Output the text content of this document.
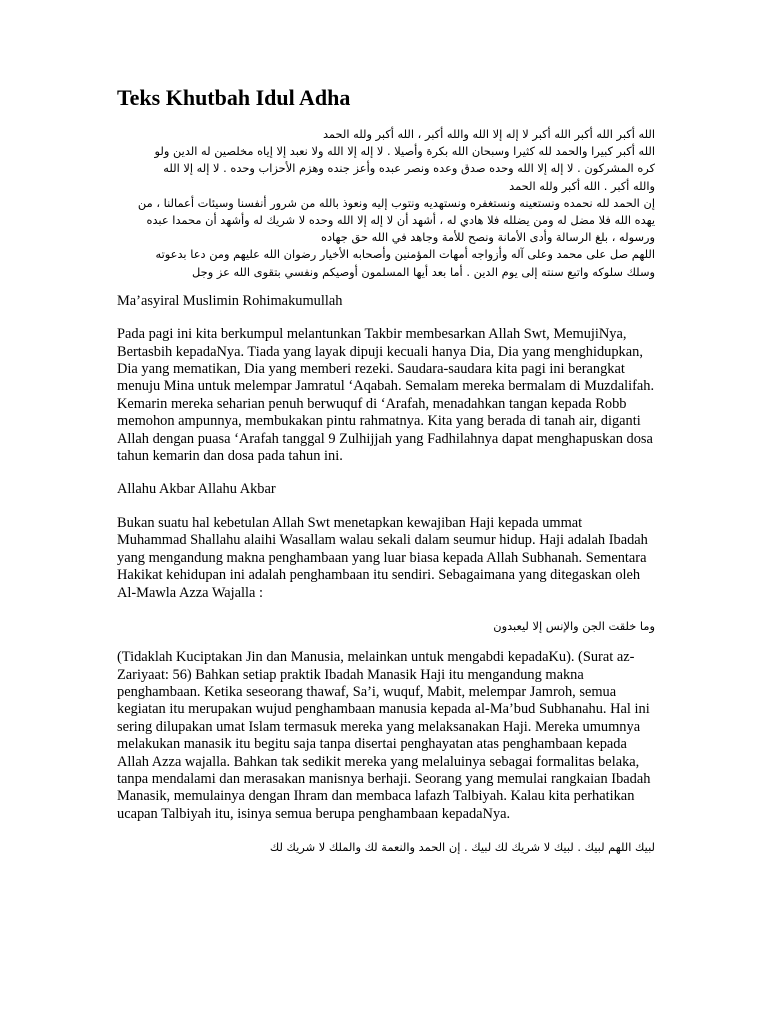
Teks Khutbah Idul Adha
الله أكبر الله أكبر الله أكبر لا إله إلا الله والله أكبر ، الله أكبر ولله الحمد
الله أكبر كبيرا والحمد لله كثيرا وسبحان الله بكرة وأصيلا . لا إله إلا الله ولا نعبد إلا إياه مخلصين له الدين ولو
كره المشركون . لا إله إلا الله وحده صدق وعده ونصر عبده وأعز جنده وهزم الأحزاب وحده . لا إله إلا الله
والله أكبر . الله أكبر ولله الحمد
إن الحمد لله نحمده ونستعينه ونستغفره ونستهديه ونتوب إليه ونعوذ بالله من شرور أنفسنا وسيئات أعمالنا ، من
يهده الله فلا مضل له ومن يضلله فلا هادي له ، أشهد أن لا إله إلا الله وحده لا شريك له وأشهد أن محمدا عبده
ورسوله ، بلغ الرسالة وأدى الأمانة ونصح للأمة وجاهد في الله حق جهاده
اللهم صل على محمد وعلى آله وأزواجه أمهات المؤمنين وأصحابه الأخيار رضوان الله عليهم ومن دعا بدعوته
وسلك سلوكه واتبع سنته إلى يوم الدين . أما بعد أيها المسلمون أوصيكم ونفسي بتقوى الله عز وجل

Ma’asyiral Muslimin Rohimakumullah

Pada pagi ini kita berkumpul melantunkan Takbir membesarkan Allah Swt, MemujiNya, Bertasbih kepadaNya. Tiada yang layak dipuji kecuali hanya Dia, Dia yang menghidupkan, Dia yang mematikan, Dia yang memberi rezeki. Saudara-saudara kita pagi ini berangkat menuju Mina untuk melempar Jamratul ‘Aqabah. Semalam mereka bermalam di Muzdalifah. Kemarin mereka seharian penuh berwuquf di ‘Arafah, menadahkan tangan kepada Robb memohon ampunnya, membukakan pintu rahmatnya. Kita yang berada di tanah air, diganti Allah dengan puasa ‘Arafah tanggal 9 Zulhijjah yang Fadhilahnya dapat menghapuskan dosa tahun kemarin dan dosa pada tahun ini.

Allahu Akbar Allahu Akbar

Bukan suatu hal kebetulan Allah Swt menetapkan kewajiban Haji kepada ummat Muhammad Shallahu alaihi Wasallam walau sekali dalam seumur hidup. Haji adalah Ibadah yang mengandung makna penghambaan yang luar biasa kepada Allah Subhanah. Sementara Hakikat kehidupan ini adalah penghambaan itu sendiri. Sebagaimana yang ditegaskan oleh Al-Mawla Azza Wajalla :

وما خلقت الجن والإنس إلا ليعبدون

(Tidaklah Kuciptakan Jin dan Manusia, melainkan untuk mengabdi kepadaKu). (Surat az-Zariyaat: 56) Bahkan setiap praktik Ibadah Manasik Haji itu mengandung makna penghambaan. Ketika seseorang thawaf, Sa’i, wuquf, Mabit, melempar Jamroh, semua kegiatan itu merupakan wujud penghambaan manusia kepada al-Ma’bud Subhanahu. Hal ini sering dilupakan umat Islam termasuk mereka yang melaksanakan Haji. Mereka umumnya melakukan manasik itu begitu saja tanpa disertai penghayatan atas penghambaan kepada Allah Azza wajalla. Bahkan tak sedikit mereka yang melaluinya sebagai formalitas belaka, tanpa mendalami dan merasakan manisnya berhaji. Seorang yang memulai rangkaian Ibadah Manasik, memulainya dengan Ihram dan membaca lafazh Talbiyah. Kalau kita perhatikan ucapan Talbiyah itu, isinya semua berupa penghambaan kepadaNya.

لبيك اللهم لبيك . لبيك لا شريك لك لبيك . إن الحمد والنعمة لك والملك لا شريك لك
